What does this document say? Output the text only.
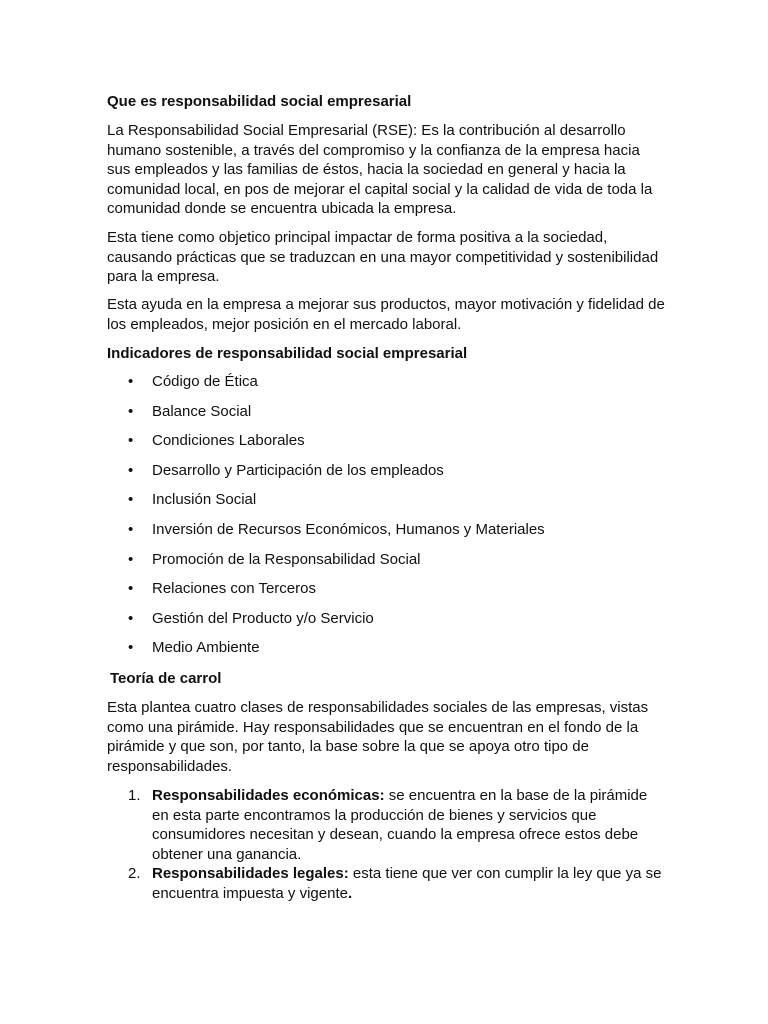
Que es responsabilidad social empresarial

La Responsabilidad Social Empresarial (RSE): Es la contribución al desarrollo humano sostenible, a través del compromiso y la confianza de la empresa hacia sus empleados y las familias de éstos, hacia la sociedad en general y hacia la comunidad local, en pos de mejorar el capital social y la calidad de vida de toda la comunidad donde se encuentra ubicada la empresa.

Esta tiene como objetico principal impactar de forma positiva a la sociedad, causando prácticas que se traduzcan en una mayor competitividad y sostenibilidad para la empresa.

Esta ayuda en la empresa a mejorar sus productos, mayor motivación y fidelidad de los empleados, mejor posición en el mercado laboral.

Indicadores de responsabilidad social empresarial
• Código de Ética
• Balance Social
• Condiciones Laborales
• Desarrollo y Participación de los empleados
• Inclusión Social
• Inversión de Recursos Económicos, Humanos y Materiales
• Promoción de la Responsabilidad Social
• Relaciones con Terceros
• Gestión del Producto y/o Servicio
• Medio Ambiente
Teoría de carrol

Esta plantea cuatro clases de responsabilidades sociales de las empresas, vistas como una pirámide. Hay responsabilidades que se encuentran en el fondo de la pirámide y que son, por tanto, la base sobre la que se apoya otro tipo de responsabilidades.

1. Responsabilidades económicas: se encuentra en la base de la pirámide en esta parte encontramos la producción de bienes y servicios que consumidores necesitan y desean, cuando la empresa ofrece estos debe obtener una ganancia.
2. Responsabilidades legales: esta tiene que ver con cumplir la ley que ya se encuentra impuesta y vigente.
